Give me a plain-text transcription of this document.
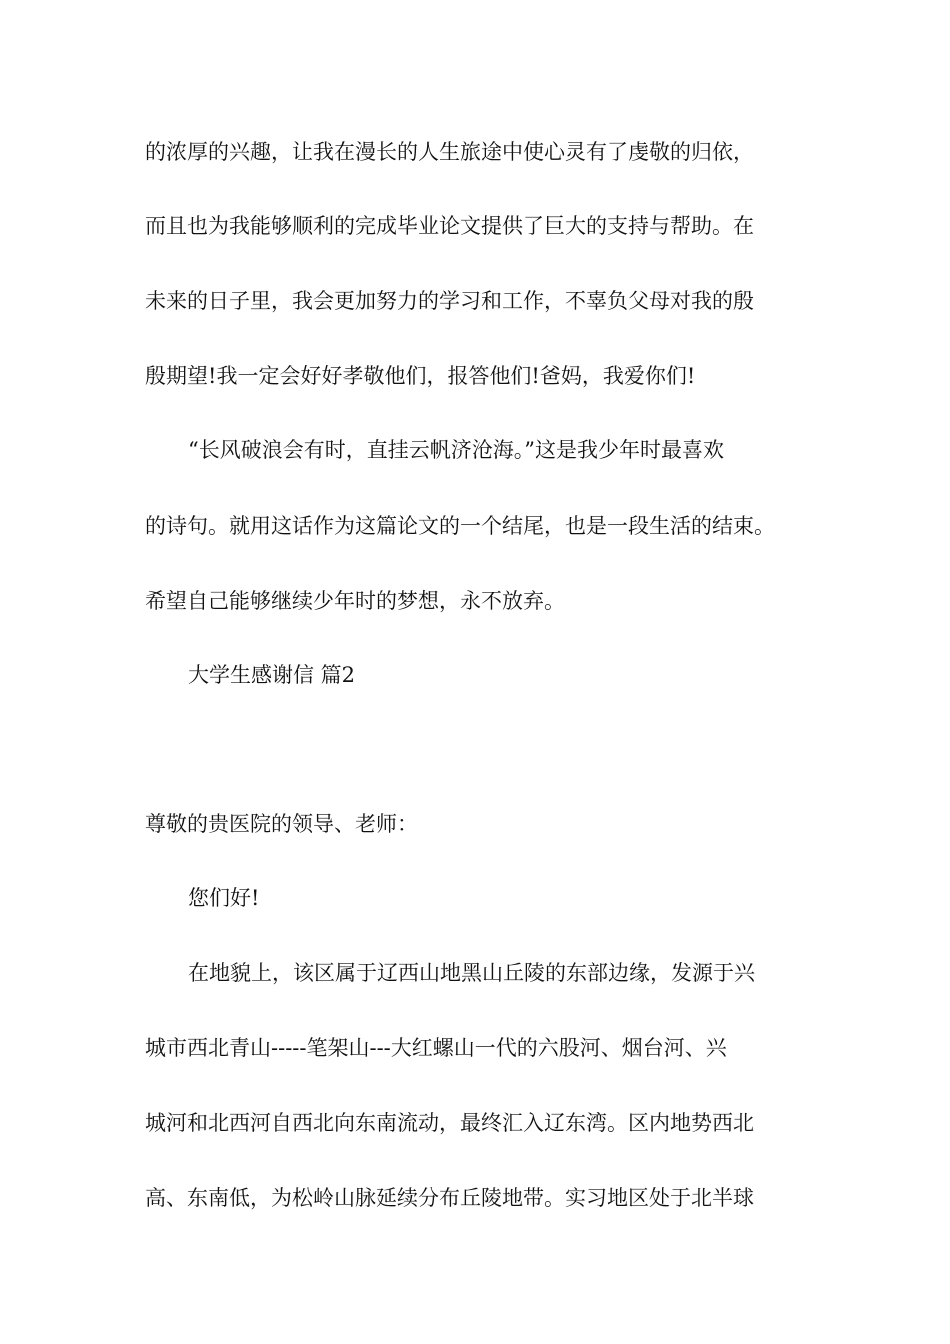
的浓厚的兴趣，让我在漫长的人生旅途中使心灵有了虔敬的归依，
而且也为我能够顺利的完成毕业论文提供了巨大的支持与帮助。在
未来的日子里，我会更加努力的学习和工作，不辜负父母对我的殷
殷期望!我一定会好好孝敬他们，报答他们!爸妈，我爱你们!
“长风破浪会有时，直挂云帆济沧海。”这是我少年时最喜欢
的诗句。就用这话作为这篇论文的一个结尾，也是一段生活的结束。
希望自己能够继续少年时的梦想，永不放弃。
大学生感谢信 篇2
尊敬的贵医院的领导、老师：
您们好!
在地貌上，该区属于辽西山地黑山丘陵的东部边缘，发源于兴
城市西北青山-----笔架山---大红螺山一代的六股河、烟台河、兴
城河和北西河自西北向东南流动，最终汇入辽东湾。区内地势西北
高、东南低，为松岭山脉延续分布丘陵地带。实习地区处于北半球
